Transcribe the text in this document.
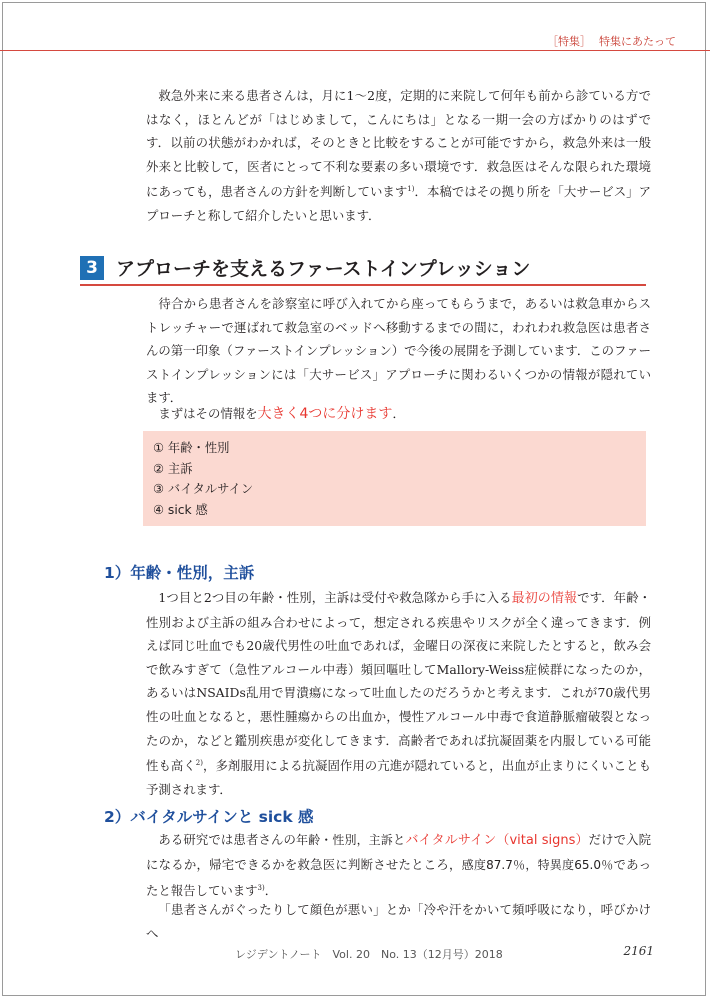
［特集］ 特集にあたって

救急外来に来る患者さんは，月に1～2度，定期的に来院して何年も前から診ている方ではなく，ほとんどが「はじめまして，こんにちは」となる一期一会の方ばかりのはずです．以前の状態がわかれば，そのときと比較をすることが可能ですから，救急外来は一般外来と比較して，医者にとって不利な要素の多い環境です．救急医はそんな限られた環境にあっても，患者さんの方針を判断しています$^{1)}$．本稿ではその拠り所を「大サービス」アプローチと称して紹介したいと思います．

3 アプローチを支えるファーストインプレッション

待合から患者さんを診察室に呼び入れてから座ってもらうまで，あるいは救急車からストレッチャーで運ばれて救急室のベッドへ移動するまでの間に，われわれ救急医は患者さんの第一印象（ファーストインプレッション）で今後の展開を予測しています．このファーストインプレッションには「大サービス」アプローチに関わるいくつかの情報が隠れています．

まずはその情報を大きく4つに分けます．

① 年齢・性別
② 主訴
③ バイタルサイン
④ sick 感
1）年齢・性別，主訴

1つ目と2つ目の年齢・性別，主訴は受付や救急隊から手に入る最初の情報です．年齢・性別および主訴の組み合わせによって，想定される疾患やリスクが全く違ってきます．例えば同じ吐血でも20歳代男性の吐血であれば，金曜日の深夜に来院したとすると，飲み会で飲みすぎて（急性アルコール中毒）頻回嘔吐してMallory-Weiss症候群になったのか，あるいはNSAIDs乱用で胃潰瘍になって吐血したのだろうかと考えます．これが70歳代男性の吐血となると，悪性腫瘍からの出血か，慢性アルコール中毒で食道静脈瘤破裂となったのか，などと鑑別疾患が変化してきます．高齢者であれば抗凝固薬を内服している可能性も高く$^{2)}$，多剤服用による抗凝固作用の亢進が隠れていると，出血が止まりにくいことも予測されます．

2）バイタルサインと sick 感

ある研究では患者さんの年齢・性別，主訴とバイタルサイン（vital signs）だけで入院になるか，帰宅できるかを救急医に判断させたところ，感度87.7％，特異度65.0％であったと報告しています$^{3)}$．

「患者さんがぐったりして顔色が悪い」とか「冷や汗をかいて頻呼吸になり，呼びかけへ

レジデントノート　Vol. 20　No. 13（12月号）2018	2161
